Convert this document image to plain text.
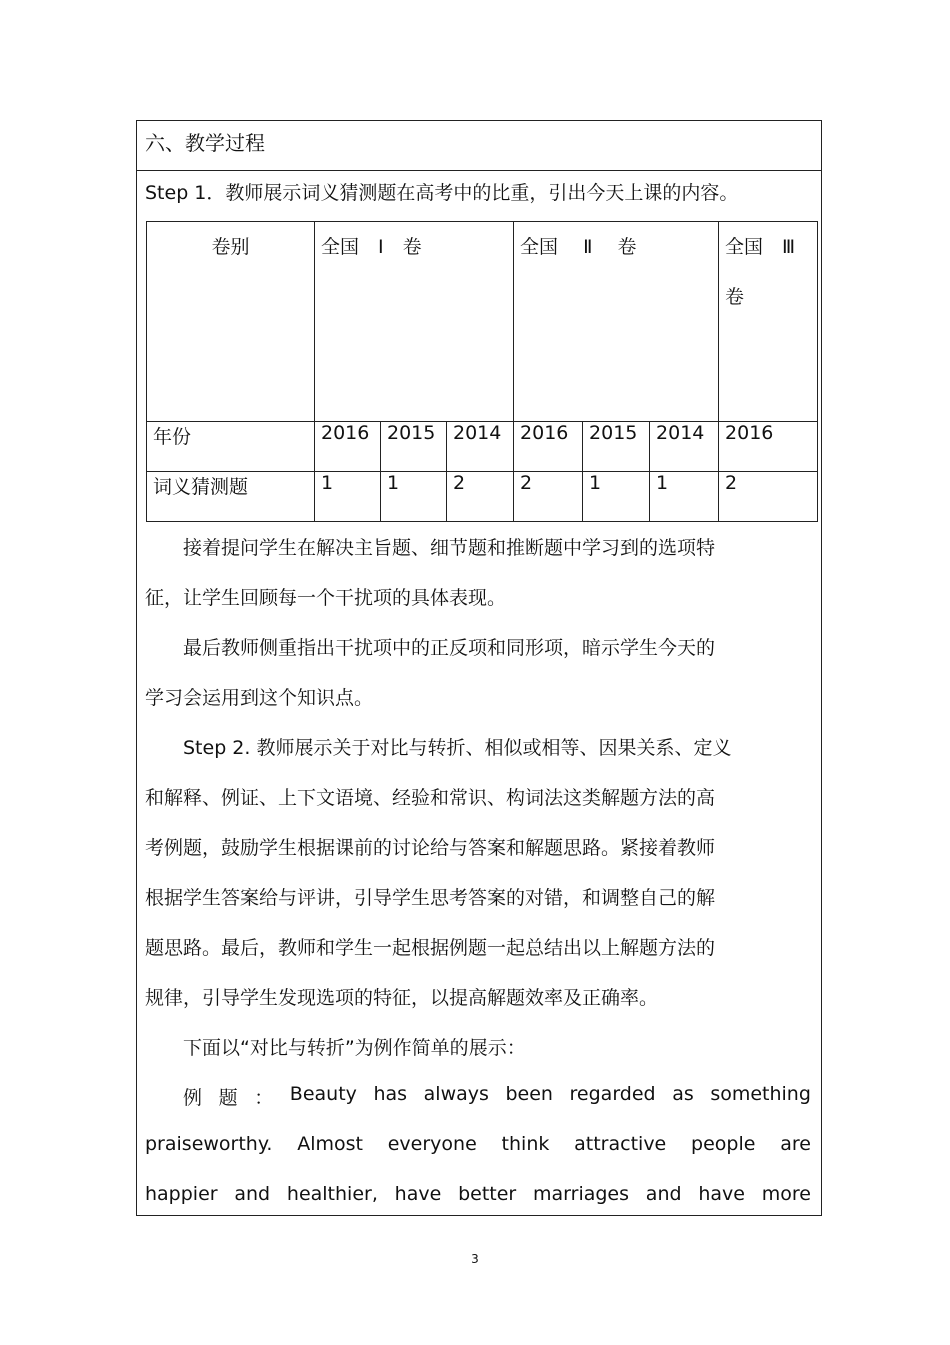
六、教学过程
Step 1．教师展示词义猜测题在高考中的比重，引出今天上课的内容。
卷别	全国　Ⅰ　卷			全国　 Ⅱ　 卷			全国　Ⅲ
卷

年份	2016	2015	2014	2016	2015	2014	2016
词义猜测题	1	1	2	2	1	1	2
　　接着提问学生在解决主旨题、细节题和推断题中学习到的选项特
征，让学生回顾每一个干扰项的具体表现。
　　最后教师侧重指出干扰项中的正反项和同形项，暗示学生今天的
学习会运用到这个知识点。
　　Step 2. 教师展示关于对比与转折、相似或相等、因果关系、定义
和解释、例证、上下文语境、经验和常识、构词法这类解题方法的高
考例题，鼓励学生根据课前的讨论给与答案和解题思路。紧接着教师
根据学生答案给与评讲，引导学生思考答案的对错，和调整自己的解
题思路。最后，教师和学生一起根据例题一起总结出以上解题方法的
规律，引导学生发现选项的特征，以提高解题效率及正确率。
　　下面以“对比与转折”为例作简单的展示：
　　例 题 ： Beauty has always been regarded as something
praiseworthy. Almost everyone think attractive people are
happier and healthier, have better marriages and have more
3
